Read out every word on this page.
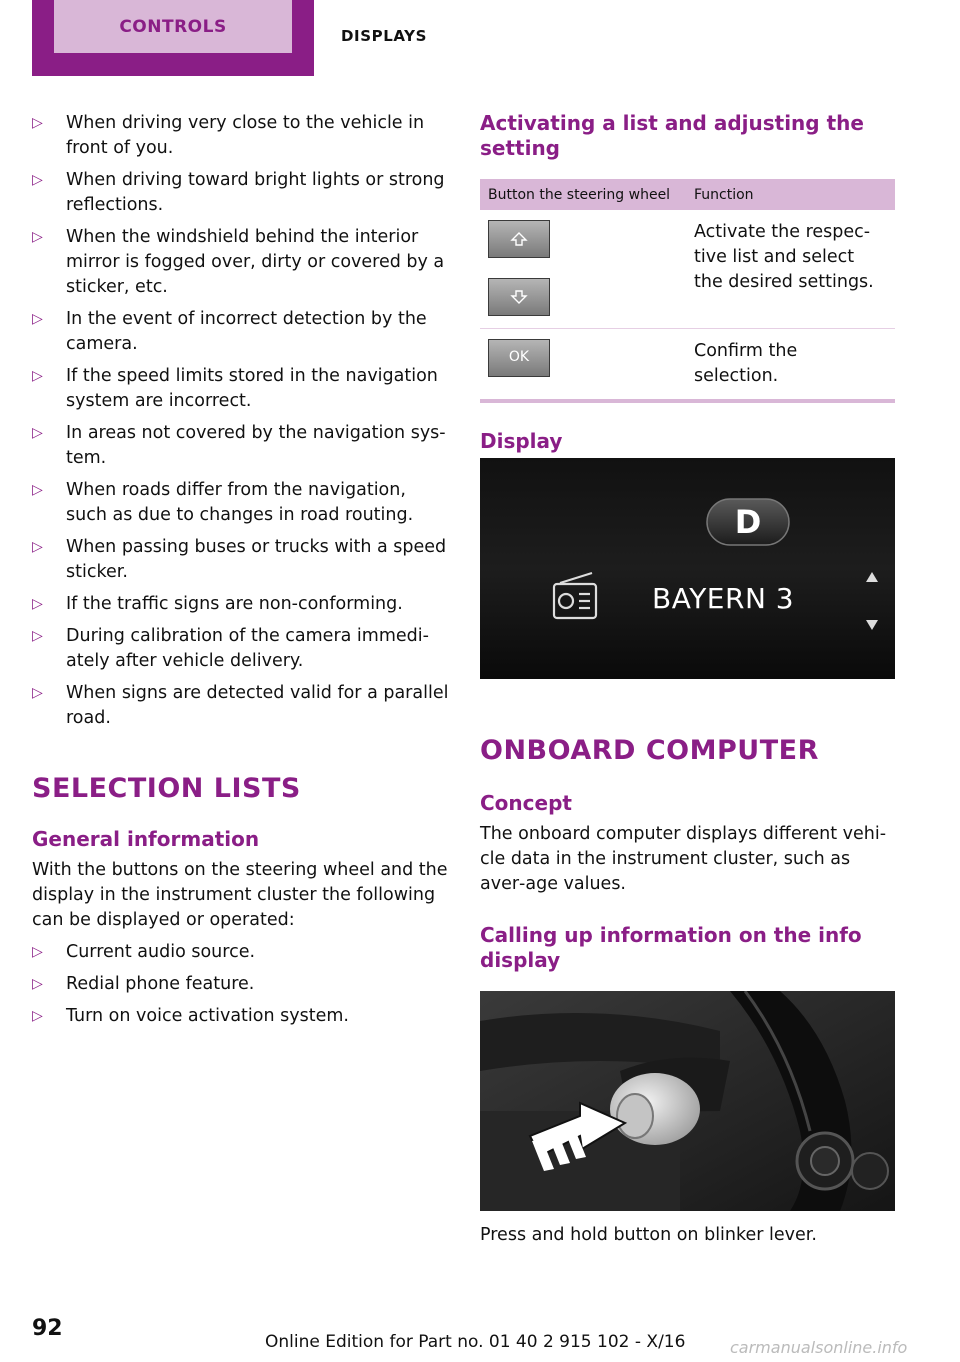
CONTROLS	DISPLAYS
▷ When driving very close to the vehicle in front of you.
▷ When driving toward bright lights or strong reflections.
▷ When the windshield behind the interior mirror is fogged over, dirty or covered by a sticker, etc.
▷ In the event of incorrect detection by the camera.
▷ If the speed limits stored in the navigation system are incorrect.
▷ In areas not covered by the navigation sys‐tem.
▷ When roads differ from the navigation, such as due to changes in road routing.
▷ When passing buses or trucks with a speed sticker.
▷ If the traffic signs are non-conforming.
▷ During calibration of the camera immedi‐ately after vehicle delivery.
▷ When signs are detected valid for a parallel road.
SELECTION LISTS
General information
With the buttons on the steering wheel and the display in the instrument cluster the following can be displayed or operated:
▷ Current audio source.
▷ Redial phone feature.
▷ Turn on voice activation system.
Activating a list and adjusting the setting
Button the steering wheel	Function

	Activate the respec‐tive list and select the desired settings.

OK	Confirm the selection.
Display
D
BAYERN 3
ONBOARD COMPUTER
Concept
The onboard computer displays different vehi‐cle data in the instrument cluster, such as aver‐age values.
Calling up information on the info display
Press and hold button on blinker lever.
92
Online Edition for Part no. 01 40 2 915 102 - X/16	carmanualsonline.info
